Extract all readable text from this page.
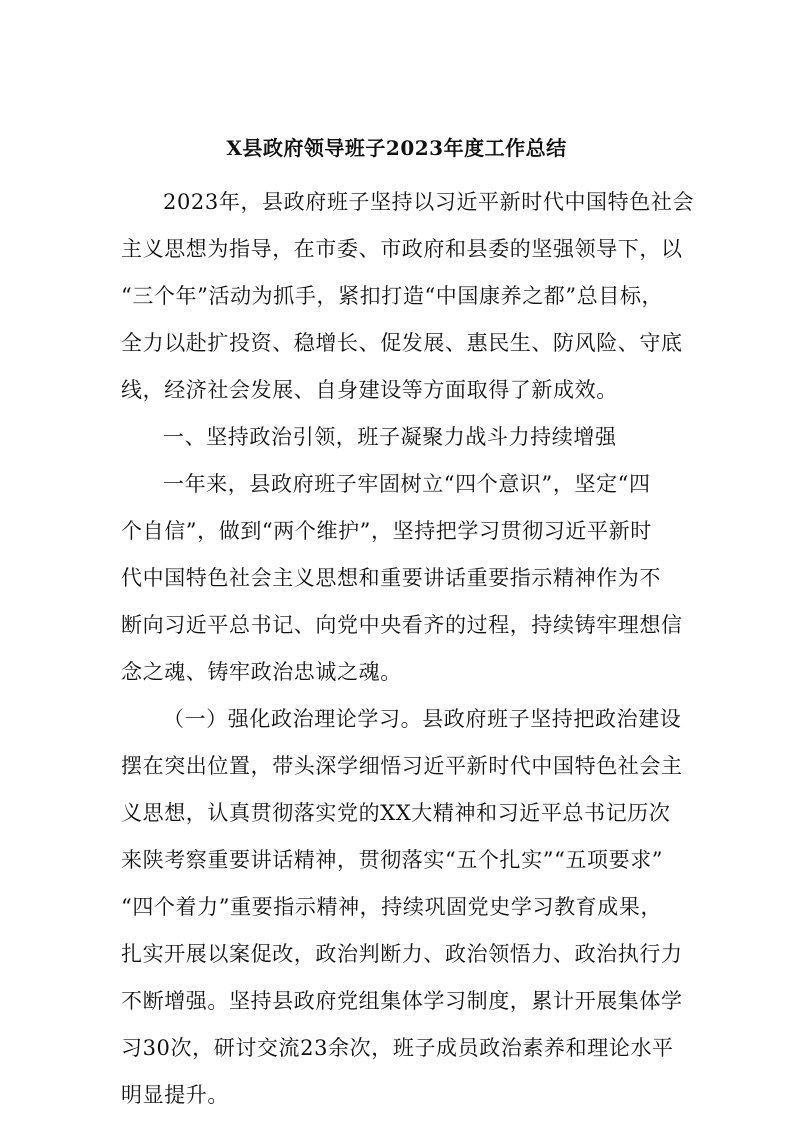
X县政府领导班子2023年度工作总结

2023年，县政府班子坚持以习近平新时代中国特色社会

主义思想为指导，在市委、市政府和县委的坚强领导下，以

“三个年”活动为抓手，紧扣打造“中国康养之都”总目标，

全力以赴扩投资、稳增长、促发展、惠民生、防风险、守底

线，经济社会发展、自身建设等方面取得了新成效。

一、坚持政治引领，班子凝聚力战斗力持续增强

一年来，县政府班子牢固树立“四个意识”，坚定“四

个自信”，做到“两个维护”，坚持把学习贯彻习近平新时

代中国特色社会主义思想和重要讲话重要指示精神作为不

断向习近平总书记、向党中央看齐的过程，持续铸牢理想信

念之魂、铸牢政治忠诚之魂。

（一）强化政治理论学习。县政府班子坚持把政治建设

摆在突出位置，带头深学细悟习近平新时代中国特色社会主

义思想，认真贯彻落实党的XX大精神和习近平总书记历次

来陕考察重要讲话精神，贯彻落实“五个扎实”“五项要求”

“四个着力”重要指示精神，持续巩固党史学习教育成果，

扎实开展以案促改，政治判断力、政治领悟力、政治执行力

不断增强。坚持县政府党组集体学习制度，累计开展集体学

习30次，研讨交流23余次，班子成员政治素养和理论水平

明显提升。
